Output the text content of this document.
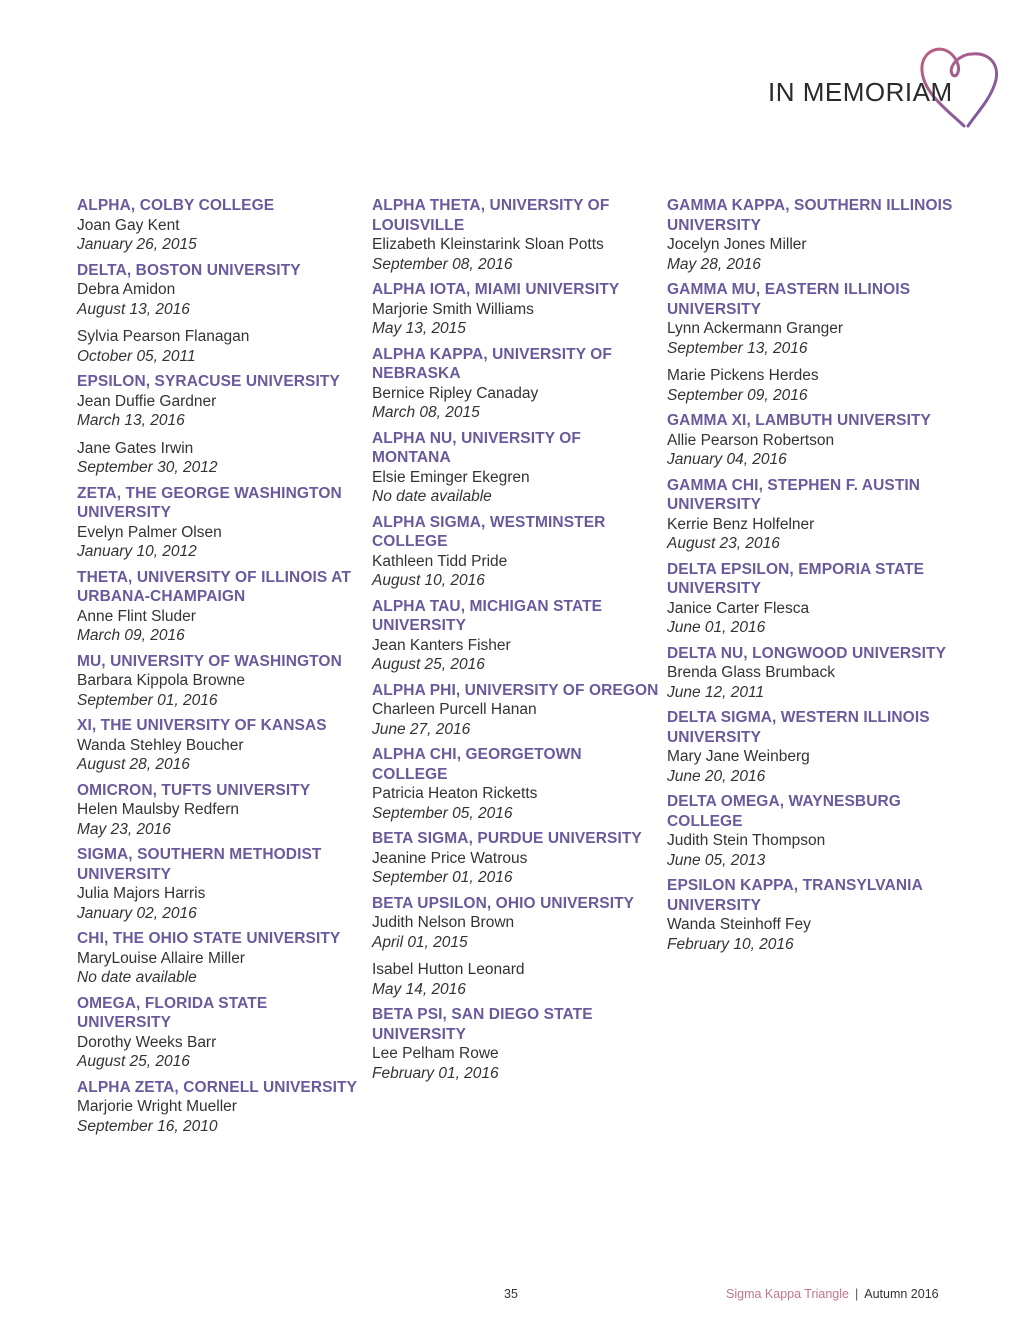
IN MEMORIAM
ALPHA, COLBY COLLEGE
Joan Gay Kent
January 26, 2015
DELTA, BOSTON UNIVERSITY
Debra Amidon
August 13, 2016
Sylvia Pearson Flanagan
October 05, 2011
EPSILON, SYRACUSE UNIVERSITY
Jean Duffie Gardner
March 13, 2016
Jane Gates Irwin
September 30, 2012
ZETA, THE GEORGE WASHINGTON UNIVERSITY
Evelyn Palmer Olsen
January 10, 2012
THETA, UNIVERSITY OF ILLINOIS AT URBANA-CHAMPAIGN
Anne Flint Sluder
March 09, 2016
MU, UNIVERSITY OF WASHINGTON
Barbara Kippola Browne
September 01, 2016
XI, THE UNIVERSITY OF KANSAS
Wanda Stehley Boucher
August 28, 2016
OMICRON, TUFTS UNIVERSITY
Helen Maulsby Redfern
May 23, 2016
SIGMA, SOUTHERN METHODIST UNIVERSITY
Julia Majors Harris
January 02, 2016
CHI, THE OHIO STATE UNIVERSITY
MaryLouise Allaire Miller
No date available
OMEGA, FLORIDA STATE UNIVERSITY
Dorothy Weeks Barr
August 25, 2016
ALPHA ZETA, CORNELL UNIVERSITY
Marjorie Wright Mueller
September 16, 2010
ALPHA THETA, UNIVERSITY OF LOUISVILLE
Elizabeth Kleinstarink Sloan Potts
September 08, 2016
ALPHA IOTA, MIAMI UNIVERSITY
Marjorie Smith Williams
May 13, 2015
ALPHA KAPPA, UNIVERSITY OF NEBRASKA
Bernice Ripley Canaday
March 08, 2015
ALPHA NU, UNIVERSITY OF MONTANA
Elsie Eminger Ekegren
No date available
ALPHA SIGMA, WESTMINSTER COLLEGE
Kathleen Tidd Pride
August 10, 2016
ALPHA TAU, MICHIGAN STATE UNIVERSITY
Jean Kanters Fisher
August 25, 2016
ALPHA PHI, UNIVERSITY OF OREGON
Charleen Purcell Hanan
June 27, 2016
ALPHA CHI, GEORGETOWN COLLEGE
Patricia Heaton Ricketts
September 05, 2016
BETA SIGMA, PURDUE UNIVERSITY
Jeanine Price Watrous
September 01, 2016
BETA UPSILON, OHIO UNIVERSITY
Judith Nelson Brown
April 01, 2015
Isabel Hutton Leonard
May 14, 2016
BETA PSI, SAN DIEGO STATE UNIVERSITY
Lee Pelham Rowe
February 01, 2016
GAMMA KAPPA, SOUTHERN ILLINOIS UNIVERSITY
Jocelyn Jones Miller
May 28, 2016
GAMMA MU, EASTERN ILLINOIS UNIVERSITY
Lynn Ackermann Granger
September 13, 2016
Marie Pickens Herdes
September 09, 2016
GAMMA XI, LAMBUTH UNIVERSITY
Allie Pearson Robertson
January 04, 2016
GAMMA CHI, STEPHEN F. AUSTIN UNIVERSITY
Kerrie Benz Holfelner
August 23, 2016
DELTA EPSILON, EMPORIA STATE UNIVERSITY
Janice Carter Flesca
June 01, 2016
DELTA NU, LONGWOOD UNIVERSITY
Brenda Glass Brumback
June 12, 2011
DELTA SIGMA, WESTERN ILLINOIS UNIVERSITY
Mary Jane Weinberg
June 20, 2016
DELTA OMEGA, WAYNESBURG COLLEGE
Judith Stein Thompson
June 05, 2013
EPSILON KAPPA, TRANSYLVANIA UNIVERSITY
Wanda Steinhoff Fey
February 10, 2016
35	Sigma Kappa Triangle | Autumn 2016
